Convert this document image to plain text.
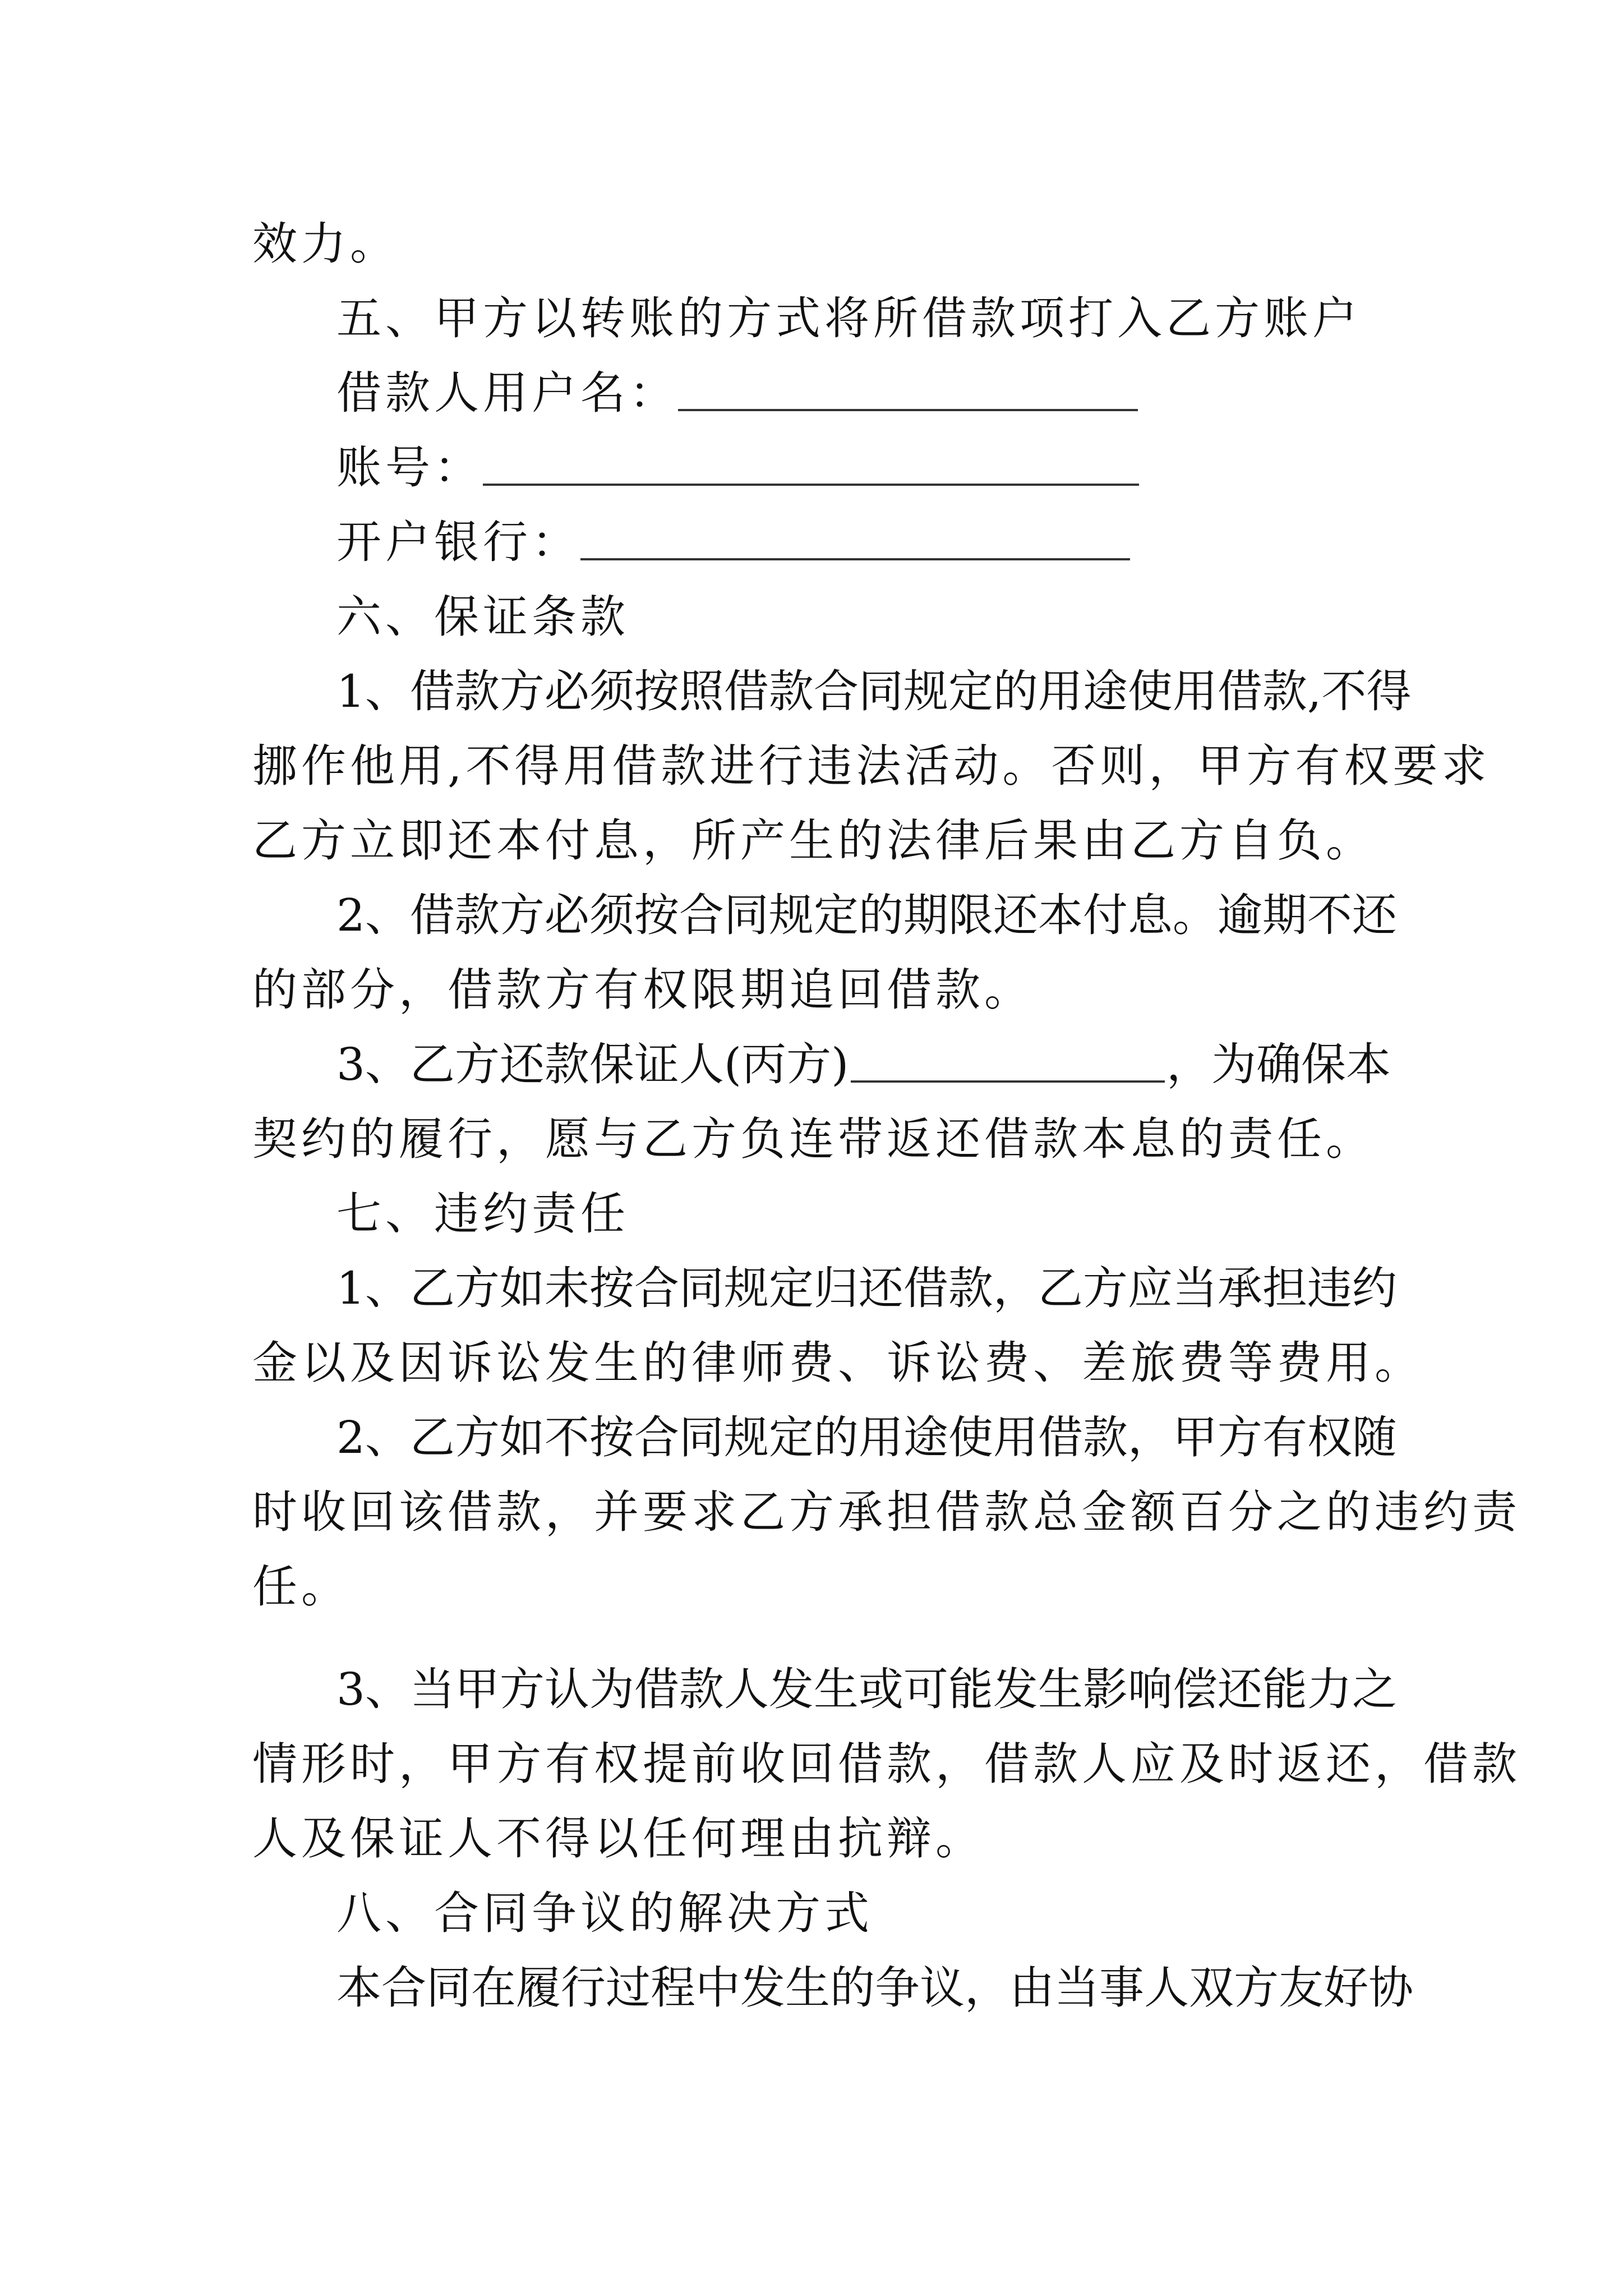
效力。
五、甲方以转账的方式将所借款项打入乙方账户
借款人用户名：
账号：
开户银行：
六、保证条款
1、借款方必须按照借款合同规定的用途使用借款,不得
挪作他用,不得用借款进行违法活动。否则，甲方有权要求
乙方立即还本付息，所产生的法律后果由乙方自负。
2、借款方必须按合同规定的期限还本付息。逾期不还
的部分，借款方有权限期追回借款。
3、乙方还款保证人(丙方)	，为确保本
契约的履行，愿与乙方负连带返还借款本息的责任。
七、违约责任
1、乙方如未按合同规定归还借款，乙方应当承担违约
金以及因诉讼发生的律师费、诉讼费、差旅费等费用。
2、乙方如不按合同规定的用途使用借款，甲方有权随
时收回该借款，并要求乙方承担借款总金额百分之的违约责
任。
3、当甲方认为借款人发生或可能发生影响偿还能力之
情形时，甲方有权提前收回借款，借款人应及时返还，借款
人及保证人不得以任何理由抗辩。
八、合同争议的解决方式
本合同在履行过程中发生的争议，由当事人双方友好协
